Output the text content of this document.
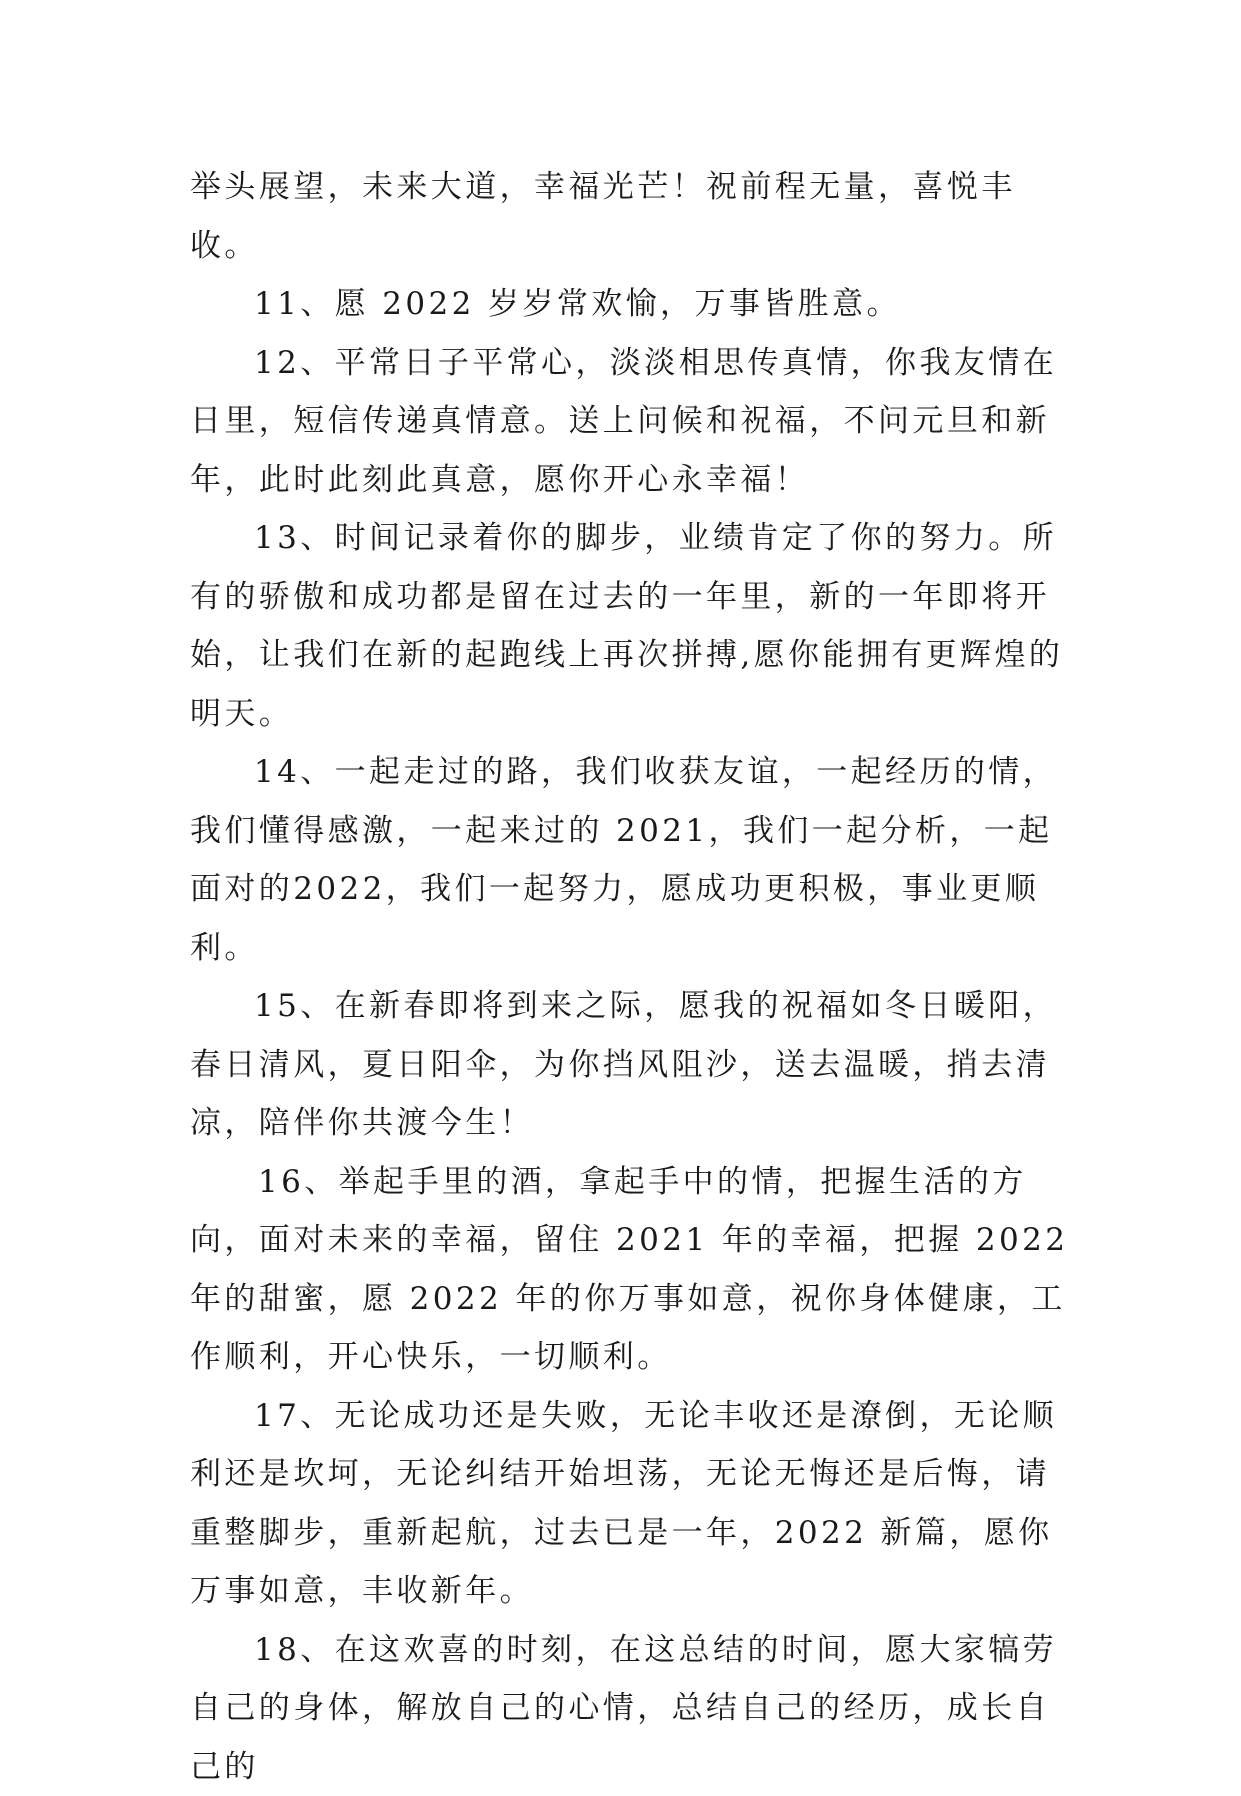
举头展望，未来大道，幸福光芒！祝前程无量，喜悦丰收。

11、愿 2022 岁岁常欢愉，万事皆胜意。

12、平常日子平常心，淡淡相思传真情，你我友情在日里，短信传递真情意。送上问候和祝福，不问元旦和新年，此时此刻此真意，愿你开心永幸福！

13、时间记录着你的脚步，业绩肯定了你的努力。所有的骄傲和成功都是留在过去的一年里，新的一年即将开始，让我们在新的起跑线上再次拼搏,愿你能拥有更辉煌的明天。

14、一起走过的路，我们收获友谊，一起经历的情，我们懂得感激，一起来过的 2021，我们一起分析，一起面对的2022，我们一起努力，愿成功更积极，事业更顺利。

15、在新春即将到来之际，愿我的祝福如冬日暖阳，春日清风，夏日阳伞，为你挡风阻沙，送去温暖，捎去清凉，陪伴你共渡今生！

16、举起手里的酒，拿起手中的情，把握生活的方向，面对未来的幸福，留住 2021 年的幸福，把握 2022 年的甜蜜，愿 2022 年的你万事如意，祝你身体健康，工作顺利，开心快乐，一切顺利。

17、无论成功还是失败，无论丰收还是潦倒，无论顺利还是坎坷，无论纠结开始坦荡，无论无悔还是后悔，请重整脚步，重新起航，过去已是一年，2022 新篇，愿你万事如意，丰收新年。

18、在这欢喜的时刻，在这总结的时间，愿大家犒劳自己的身体，解放自己的心情，总结自己的经历，成长自己的
